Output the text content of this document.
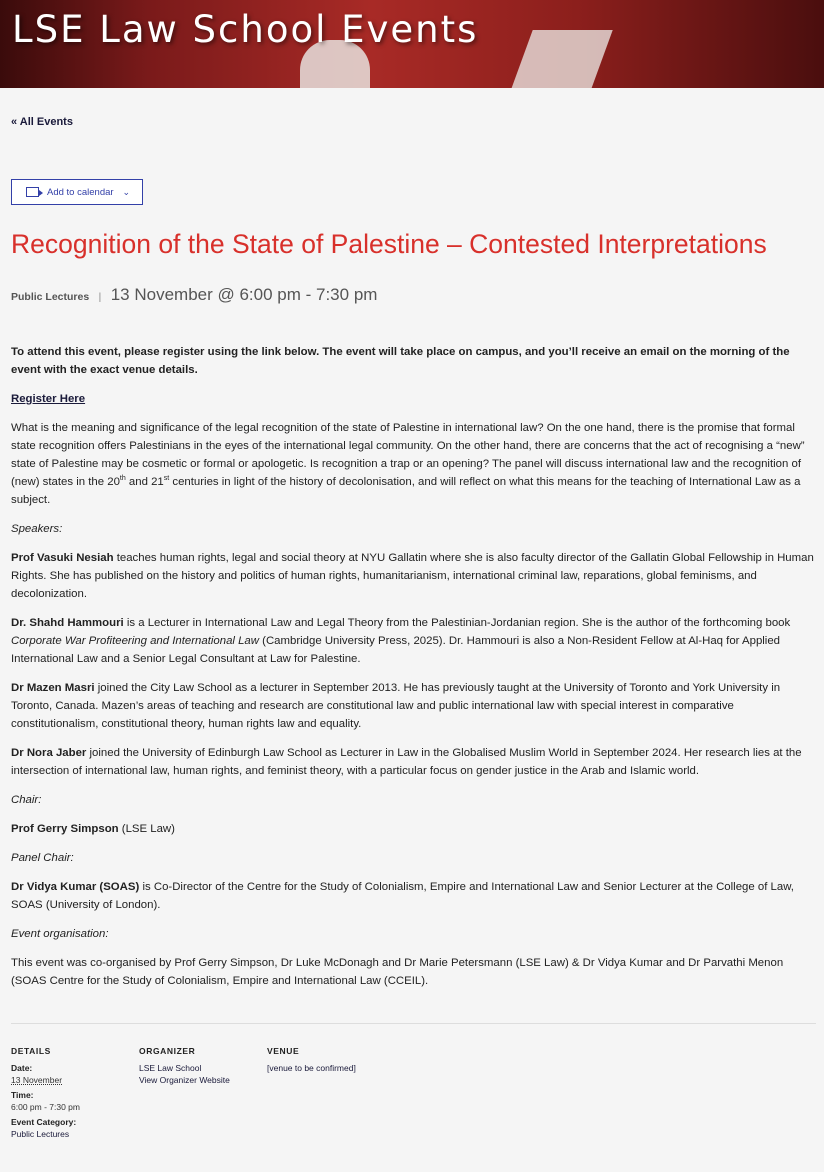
LSE Law School Events
« All Events
Add to calendar ⌄
Recognition of the State of Palestine – Contested Interpretations
Public Lectures | 13 November @ 6:00 pm - 7:30 pm

To attend this event, please register using the link below. The event will take place on campus, and you’ll receive an email on the morning of the event with the exact venue details.

Register Here

What is the meaning and significance of the legal recognition of the state of Palestine in international law? On the one hand, there is the promise that formal state recognition offers Palestinians in the eyes of the international legal community. On the other hand, there are concerns that the act of recognising a “new” state of Palestine may be cosmetic or formal or apologetic. Is recognition a trap or an opening? The panel will discuss international law and the recognition of (new) states in the 20th and 21st centuries in light of the history of decolonisation, and will reflect on what this means for the teaching of International Law as a subject.

Speakers:

Prof Vasuki Nesiah teaches human rights, legal and social theory at NYU Gallatin where she is also faculty director of the Gallatin Global Fellowship in Human Rights. She has published on the history and politics of human rights, humanitarianism, international criminal law, reparations, global feminisms, and decolonization.

Dr. Shahd Hammouri is a Lecturer in International Law and Legal Theory from the Palestinian-Jordanian region. She is the author of the forthcoming book Corporate War Profiteering and International Law (Cambridge University Press, 2025). Dr. Hammouri is also a Non-Resident Fellow at Al-Haq for Applied International Law and a Senior Legal Consultant at Law for Palestine.

Dr Mazen Masri joined the City Law School as a lecturer in September 2013. He has previously taught at the University of Toronto and York University in Toronto, Canada. Mazen’s areas of teaching and research are constitutional law and public international law with special interest in comparative constitutionalism, constitutional theory, human rights law and equality.

Dr Nora Jaber joined the University of Edinburgh Law School as Lecturer in Law in the Globalised Muslim World in September 2024. Her research lies at the intersection of international law, human rights, and feminist theory, with a particular focus on gender justice in the Arab and Islamic world.

Chair:

Prof Gerry Simpson (LSE Law)

Panel Chair:

Dr Vidya Kumar (SOAS) is Co-Director of the Centre for the Study of Colonialism, Empire and International Law and Senior Lecturer at the College of Law, SOAS (University of London).

Event organisation:

This event was co-organised by Prof Gerry Simpson, Dr Luke McDonagh and Dr Marie Petersmann (LSE Law) & Dr Vidya Kumar and Dr Parvathi Menon (SOAS Centre for the Study of Colonialism, Empire and International Law (CCEIL).

DETAILS
Date:
13 November
Time:
6:00 pm - 7:30 pm
Event Category:
Public Lectures
ORGANIZER
LSE Law School
View Organizer Website
VENUE
[venue to be confirmed]
